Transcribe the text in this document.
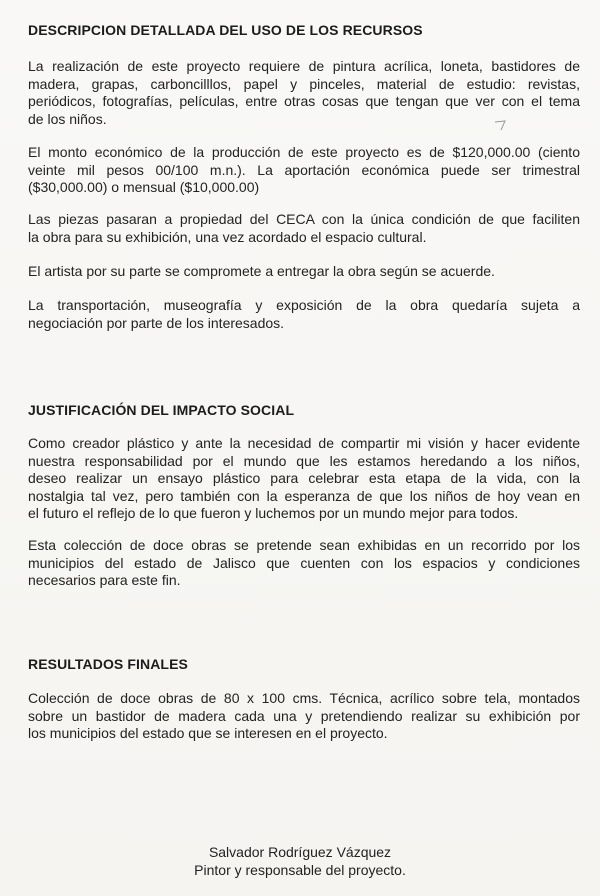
DESCRIPCION DETALLADA DEL USO DE LOS RECURSOS
La realización de este proyecto requiere de pintura acrílica, loneta, bastidores de
madera, grapas, carboncilllos, papel y pinceles, material de estudio: revistas,
periódicos, fotografías, películas, entre otras cosas que tengan que ver con el tema
de los niños.
El monto económico de la producción de este proyecto es de $120,000.00 (ciento
veinte mil pesos 00/100 m.n.). La aportación económica puede ser trimestral
($30,000.00) o mensual ($10,000.00)
Las piezas pasaran a propiedad del CECA con la única condición de que faciliten
la obra para su exhibición, una vez acordado el espacio cultural.
El artista por su parte se compromete a entregar la obra según se acuerde.
La transportación, museografía y exposición de la obra quedaría sujeta a
negociación por parte de los interesados.
JUSTIFICACIÓN DEL IMPACTO SOCIAL
Como creador plástico y ante la necesidad de compartir mi visión y hacer evidente
nuestra responsabilidad por el mundo que les estamos heredando a los niños,
deseo realizar un ensayo plástico para celebrar esta etapa de la vida, con la
nostalgia tal vez, pero también con la esperanza de que los niños de hoy vean en
el futuro el reflejo de lo que fueron y luchemos por un mundo mejor para todos.
Esta colección de doce obras se pretende sean exhibidas en un recorrido por los
municipios del estado de Jalisco que cuenten con los espacios y condiciones
necesarios para este fin.
RESULTADOS FINALES
Colección de doce obras de 80 x 100 cms. Técnica, acrílico sobre tela, montados
sobre un bastidor de madera cada una y pretendiendo realizar su exhibición por
los municipios del estado que se interesen en el proyecto.
Salvador Rodríguez Vázquez
Pintor y responsable del proyecto.
